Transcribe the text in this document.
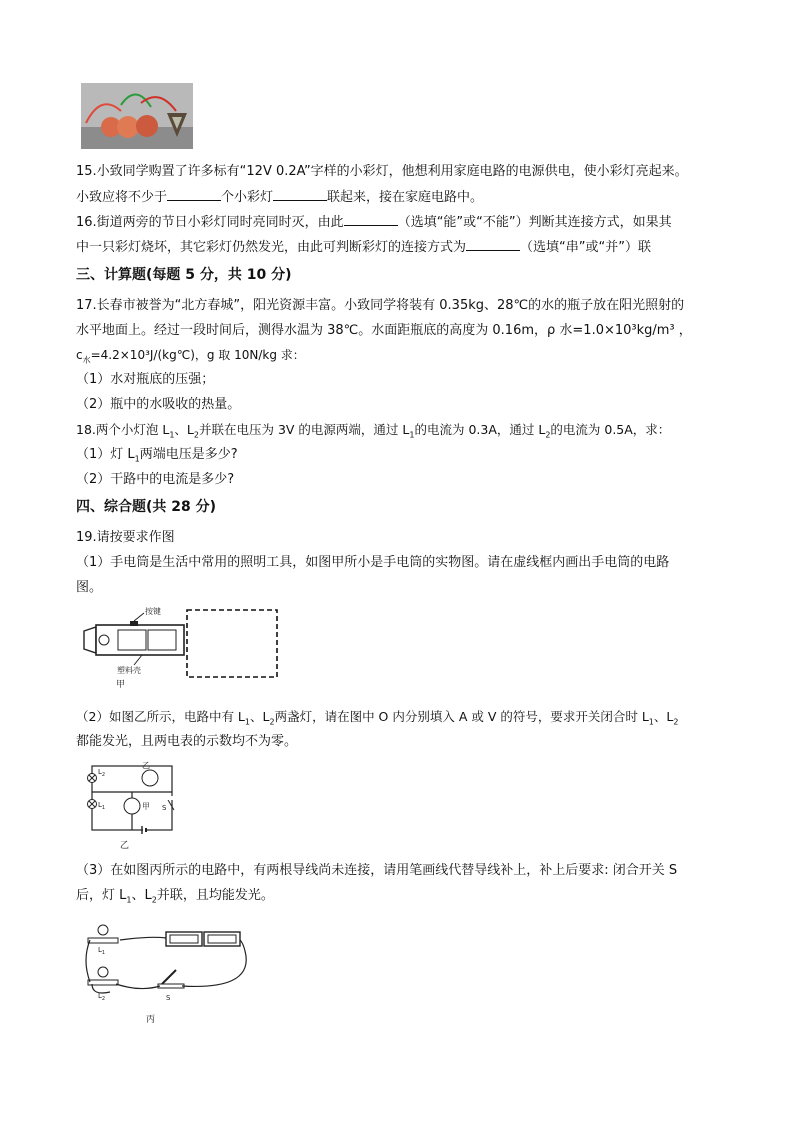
15.小致同学购置了许多标有“12V 0.2A”字样的小彩灯，他想利用家庭电路的电源供电，使小彩灯亮起来。
小致应将不少于	个小彩灯	联起来，接在家庭电路中。
16.街道两旁的节日小彩灯同时亮同时灭，由此	（选填“能”或“不能”）判断其连接方式，如果其
中一只彩灯烧坏，其它彩灯仍然发光，由此可判断彩灯的连接方式为	（选填“串”或“并”）联
三、计算题(每题 5 分，共 10 分)
17.长春市被誉为“北方春城”，阳光资源丰富。小致同学将装有 0.35kg、28℃的水的瓶子放在阳光照射的
水平地面上。经过一段时间后，测得水温为 38℃。水面距瓶底的高度为 0.16m，ρ 水=1.0×10³kg/m³ ，
$c_水=4.2\times 10^3J/(kg℃)$，g 取 10N/kg 求：
（1）水对瓶底的压强；
（2）瓶中的水吸收的热量。
18.两个小灯泡 $L_1$、$L_2$并联在电压为 3V 的电源两端，通过 $L_1$的电流为 0.3A，通过 $L_2$的电流为 0.5A，求：
（1）灯 $L_1$两端电压是多少?
（2）干路中的电流是多少?
四、综合题(共 28 分)
19.请按要求作图
（1）手电筒是生活中常用的照明工具，如图甲所小是手电筒的实物图。请在虚线框内画出手电筒的电路
图。
按键
塑料壳
甲
（2）如图乙所示，电路中有 $L_1$、$L_2$两盏灯，请在图中 O 内分别填入 A 或 V 的符号，要求开关闭合时 $L_1$、$L_2$
都能发光，且两电表的示数均不为零。
$L_2$
$L_1$
乙
甲 S
乙
（3）在如图丙所示的电路中，有两根导线尚未连接，请用笔画线代替导线补上，补上后要求: 闭合开关 S
后，灯 $L_1$、$L_2$并联，且均能发光。
$L_1$
$L_2$	S
丙
